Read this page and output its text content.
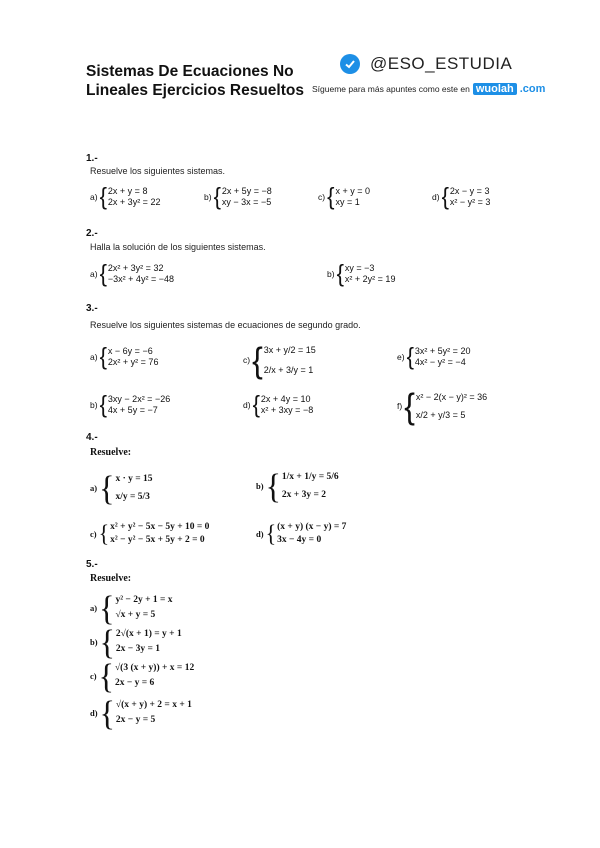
Sistemas De Ecuaciones No
Lineales Ejercicios Resueltos
@ESO_ESTUDIA
Sígueme para más apuntes como este en wuolah .com
1.-
Resuelve los siguientes sistemas.
a) { 2x + y = 8
2x + 3y² = 22	b) { 2x + 5y = −8
xy − 3x = −5	c) { x + y = 0
xy = 1	d) { 2x − y = 3
x² − y² = 3
2.-
Halla la solución de los siguientes sistemas.
a) { 2x² + 3y² = 32
−3x² + 4y² = −48	b) { xy = −3
x² + 2y² = 19
3.-
Resuelve los siguientes sistemas de ecuaciones de segundo grado.
a) { x − 6y = −6
2x² + y² = 76	c) { 3x + y/2 = 15
2/x + 3/y = 1
e) { 3x² + 5y² = 20
4x² − y² = −4
b) { 3xy − 2x² = −26
4x + 5y = −7	d) { 2x + 4y = 10
x² + 3xy = −8	f) { x² − 2(x − y)² = 36
x/2 + y/3 = 5
4.-
Resuelve:
a) { x · y = 15
x/y = 5/3
b) { 1/x + 1/y = 5/6
2x + 3y = 2
c) { x² + y² − 5x − 5y + 10 = 0
x² − y² − 5x + 5y + 2 = 0
d) { (x + y) (x − y) = 7
3x − 4y = 0
5.-
Resuelve:
a) { y² − 2y + 1 = x
√x + y = 5
b) { 2√(x + 1) = y + 1
2x − 3y = 1
c) { √(3 (x + y)) + x = 12
2x − y = 6
d) { √(x + y) + 2 = x + 1
2x − y = 5
